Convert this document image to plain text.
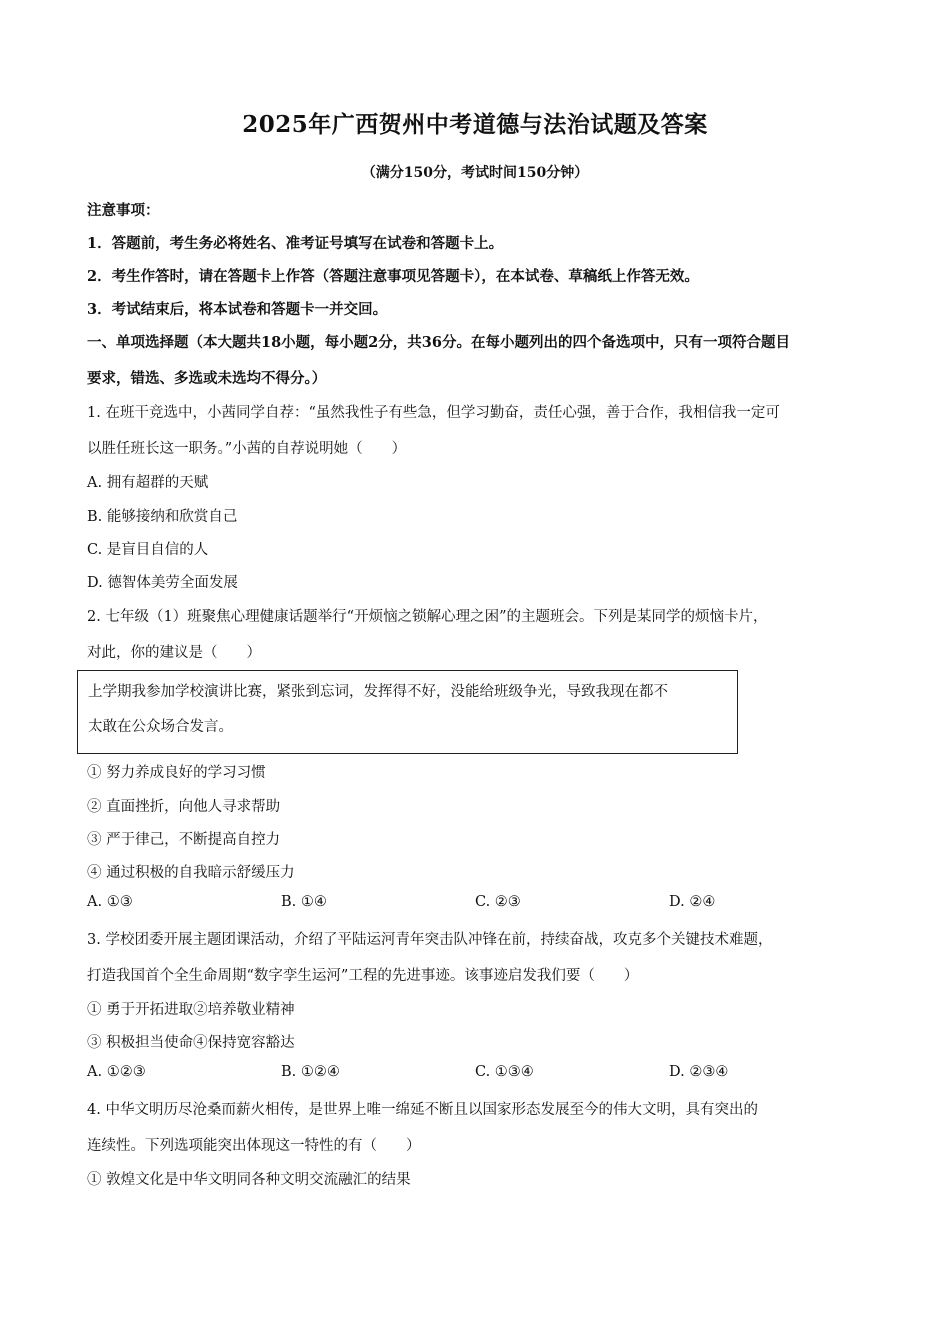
2025年广西贺州中考道德与法治试题及答案
（满分150分，考试时间150分钟）
注意事项：
1．答题前，考生务必将姓名、准考证号填写在试卷和答题卡上。
2．考生作答时，请在答题卡上作答（答题注意事项见答题卡），在本试卷、草稿纸上作答无效。
3．考试结束后，将本试卷和答题卡一并交回。
一、单项选择题（本大题共18小题，每小题2分，共36分。在每小题列出的四个备选项中，只有一项符合题目
要求，错选、多选或未选均不得分。）
1. 在班干竞选中，小茜同学自荐：“虽然我性子有些急，但学习勤奋，责任心强，善于合作，我相信我一定可
以胜任班长这一职务。”小茜的自荐说明她（　　）
A. 拥有超群的天赋
B. 能够接纳和欣赏自己
C. 是盲目自信的人
D. 德智体美劳全面发展
2. 七年级（1）班聚焦心理健康话题举行“开烦恼之锁解心理之困”的主题班会。下列是某同学的烦恼卡片，
对此，你的建议是（　　）
上学期我参加学校演讲比赛，紧张到忘词，发挥得不好，没能给班级争光，导致我现在都不
太敢在公众场合发言。
① 努力养成良好的学习习惯
② 直面挫折，向他人寻求帮助
③ 严于律己，不断提高自控力
④ 通过积极的自我暗示舒缓压力
A. ①③	B. ①④	C. ②③	D. ②④
3. 学校团委开展主题团课活动，介绍了平陆运河青年突击队冲锋在前，持续奋战，攻克多个关键技术难题，
打造我国首个全生命周期“数字孪生运河”工程的先进事迹。该事迹启发我们要（　　）
① 勇于开拓进取②培养敬业精神
③ 积极担当使命④保持宽容豁达
A. ①②③	B. ①②④	C. ①③④	D. ②③④
4. 中华文明历尽沧桑而薪火相传，是世界上唯一绵延不断且以国家形态发展至今的伟大文明，具有突出的
连续性。下列选项能突出体现这一特性的有（　　）
① 敦煌文化是中华文明同各种文明交流融汇的结果
